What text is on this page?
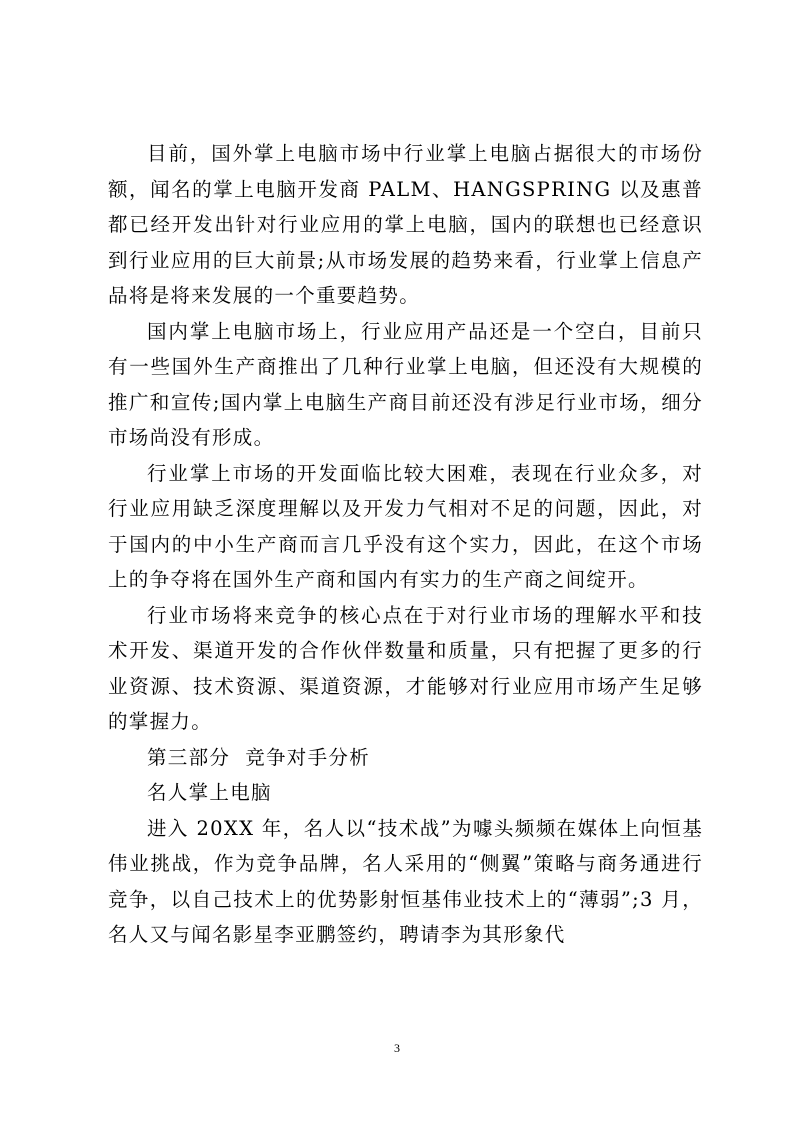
目前，国外掌上电脑市场中行业掌上电脑占据很大的市场份额，闻名的掌上电脑开发商 PALM、HANGSPRING 以及惠普都已经开发出针对行业应用的掌上电脑，国内的联想也已经意识到行业应用的巨大前景;从市场发展的趋势来看，行业掌上信息产品将是将来发展的一个重要趋势。

国内掌上电脑市场上，行业应用产品还是一个空白，目前只有一些国外生产商推出了几种行业掌上电脑，但还没有大规模的推广和宣传;国内掌上电脑生产商目前还没有涉足行业市场，细分市场尚没有形成。

行业掌上市场的开发面临比较大困难，表现在行业众多，对行业应用缺乏深度理解以及开发力气相对不足的问题，因此，对于国内的中小生产商而言几乎没有这个实力，因此，在这个市场上的争夺将在国外生产商和国内有实力的生产商之间绽开。

行业市场将来竞争的核心点在于对行业市场的理解水平和技术开发、渠道开发的合作伙伴数量和质量，只有把握了更多的行业资源、技术资源、渠道资源，才能够对行业应用市场产生足够的掌握力。

第三部分  竞争对手分析

名人掌上电脑

进入 20XX 年，名人以“技术战”为噱头频频在媒体上向恒基伟业挑战，作为竞争品牌，名人采用的“侧翼”策略与商务通进行竞争，以自己技术上的优势影射恒基伟业技术上的“薄弱”;3 月，名人又与闻名影星李亚鹏签约，聘请李为其形象代

3
